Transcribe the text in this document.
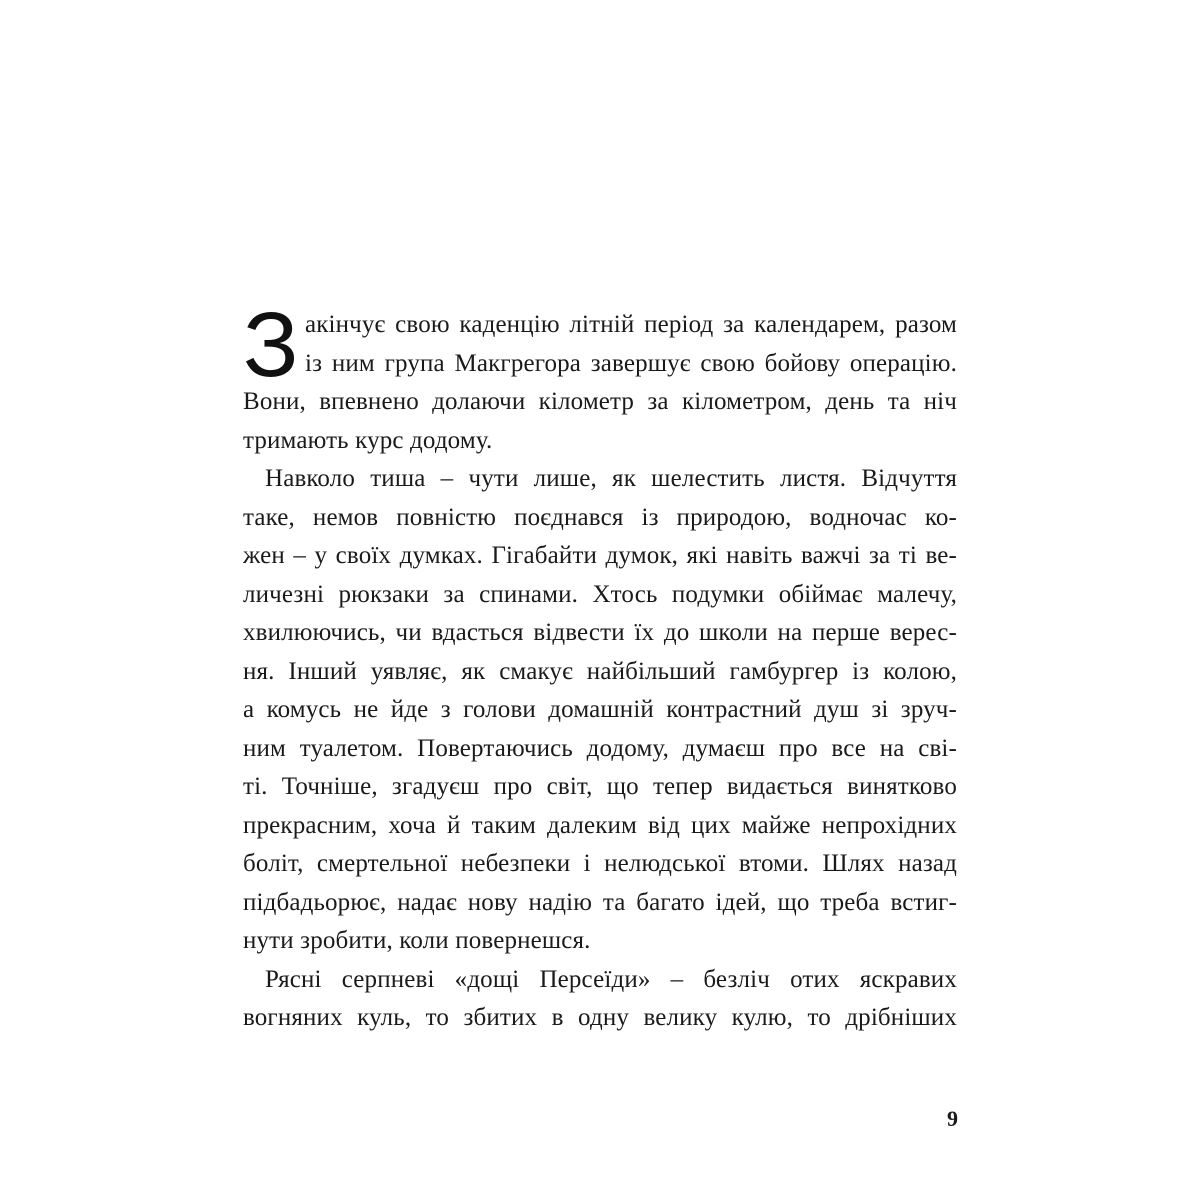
З акінчує свою каденцію літній період за календарем, разом
із ним група Макгрегора завершує свою бойову операцію.
Вони, впевнено долаючи кілометр за кілометром, день та ніч
тримають курс додому.
Навколо тиша – чути лише, як шелестить листя. Відчуття
таке, немов повністю поєднався із природою, водночас ко-
жен – у своїх думках. Гігабайти думок, які навіть важчі за ті ве-
личезні рюкзаки за спинами. Хтось подумки обіймає малечу,
хвилюючись, чи вдасться відвести їх до школи на перше верес-
ня. Інший уявляє, як смакує найбільший гамбургер із колою,
а комусь не йде з голови домашній контрастний душ зі зруч-
ним туалетом. Повертаючись додому, думаєш про все на сві-
ті. Точніше, згадуєш про світ, що тепер видається винятково
прекрасним, хоча й таким далеким від цих майже непрохідних
боліт, смертельної небезпеки і нелюдської втоми. Шлях назад
підбадьорює, надає нову надію та багато ідей, що треба встиг-
нути зробити, коли повернешся.
Рясні серпневі «дощі Персеїди» – безліч отих яскравих
вогняних куль, то збитих в одну велику кулю, то дрібніших
9
